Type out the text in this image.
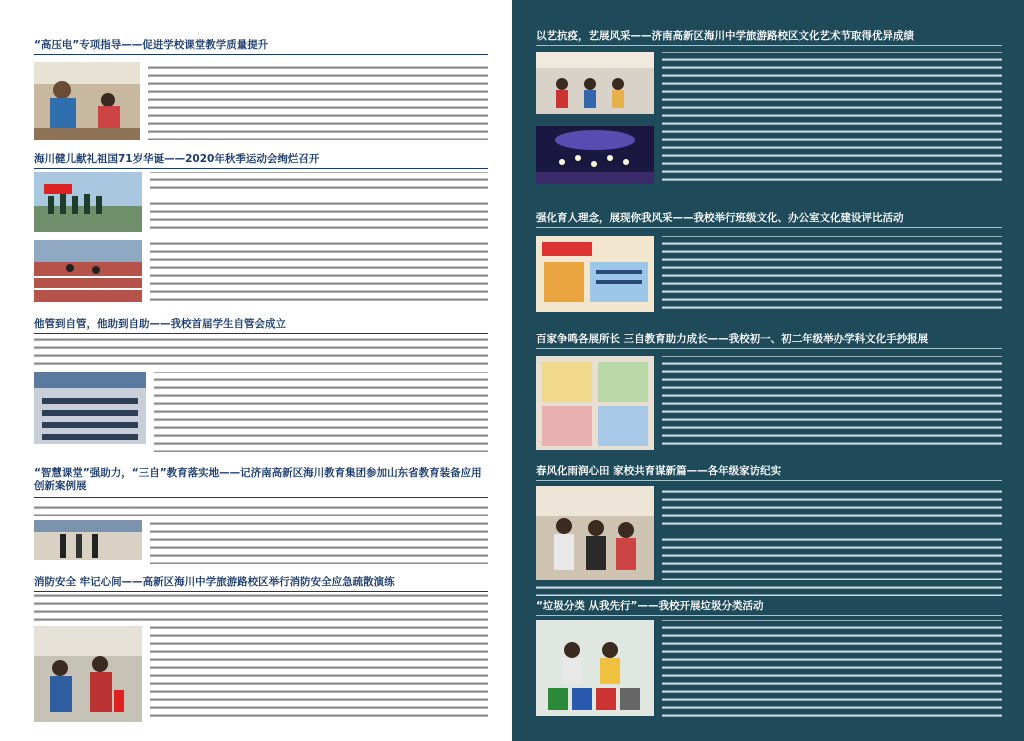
“高压电”专项指导——促进学校课堂教学质量提升
海川健儿献礼祖国71岁华诞——2020年秋季运动会绚烂召开
他管到自管，他助到自助——我校首届学生自管会成立
“智慧课堂”强助力，“三自”教育落实地——记济南高新区海川教育集团参加山东省教育装备应用创新案例展
消防安全 牢记心间——高新区海川中学旅游路校区举行消防安全应急疏散演练
以艺抗疫，艺展风采——济南高新区海川中学旅游路校区文化艺术节取得优异成绩
强化育人理念，展现你我风采——我校举行班级文化、办公室文化建设评比活动
百家争鸣各展所长 三自教育助力成长——我校初一、初二年级举办学科文化手抄报展
春风化雨润心田 家校共育谋新篇——各年级家访纪实
“垃圾分类 从我先行”——我校开展垃圾分类活动
